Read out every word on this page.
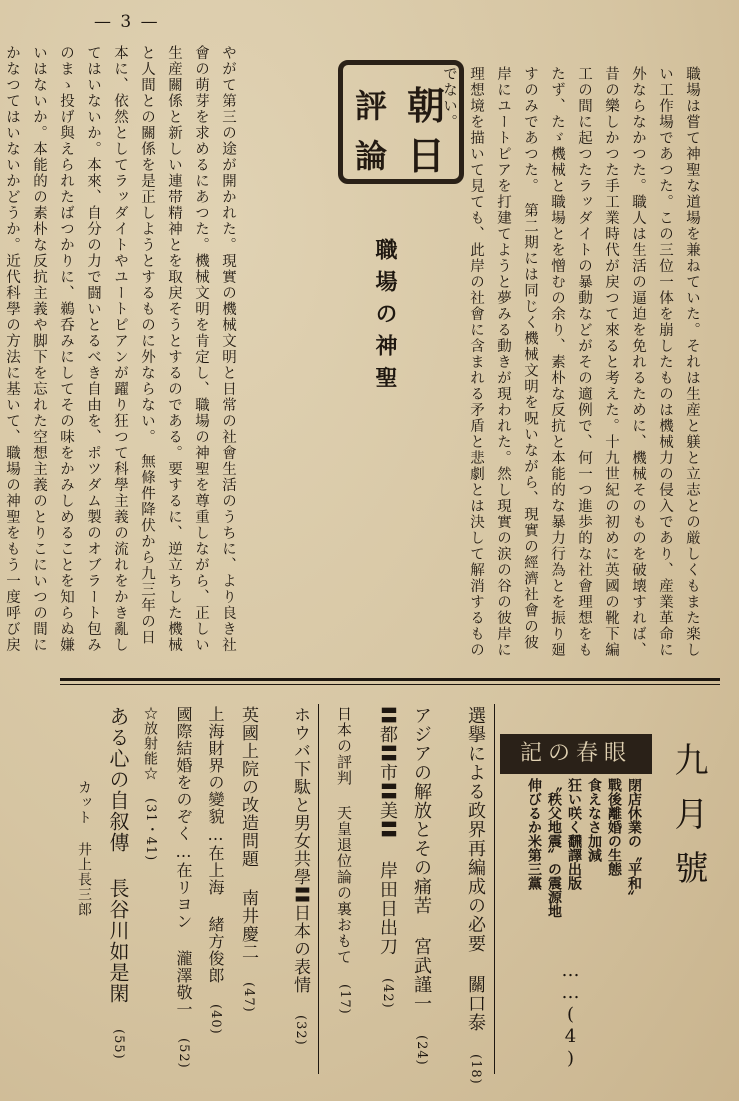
— 3 —
職場は嘗て神聖な道場を兼ねていた。それは生産と躾と立志との厳しくもまた楽しい工作場であつた。この三位一体を崩したものは機械力の侵入であり、産業革命に外ならなかつた。職人は生活の逼迫を免れるために、機械そのものを破壊すれば、昔の樂しかつた手工業時代が戻つて來ると考えた。十九世紀の初めに英國の靴下編工の間に起つたラッダイトの暴動などがその適例で、何一つ進歩的な社會理想をもたず、たゞ機械と職場とを憎むの余り、素朴な反抗と本能的な暴力行為とを振り廻すのみであつた。　第二期には同じく機械文明を呪いながら、現實の經濟社會の彼岸にユートピアを打建てようと夢みる動きが現われた。然し現實の涙の谷の彼岸に理想境を描いて見ても、此岸の社會に含まれる矛盾と悲劇とは決して解消するものでない。
朝
日
評
論
職場の神聖
やがて第三の途が開かれた。現實の機械文明と日常の社會生活のうちに、より良き社會の萌芽を求めるにあつた。機械文明を肯定し、職場の神聖を尊重しながら、正しい生産關係と新しい連帯精神とを取戻そうとするのである。要するに、逆立ちした機械と人間との關係を是正しようとするものに外ならない。　無條件降伏から九三年の日本に、依然としてラッダイトやユートピアンが躍り狂つて科學主義の流れをかき亂してはいないか。本來、自分の力で闘いとるべき自由を、ポツダム製のオブラート包みのまゝ投げ與えられたばつかりに、鵜呑みにしてその味をかみしめることを知らぬ嫌いはないか。本能的の素朴な反抗主義や脚下を忘れた空想主義のとりこにいつの間にかなつてはいないかどうか。近代科學の方法に基いて、職場の神聖をもう一度呼び戻 　
九月號
記の春眼
閉店休業の〝平和〟
戰後離婚の生態
食えなさ加減
狂い咲く飜譯出版
〝秩父地震〟の震源地
伸びるか米第三黨
……(4)
選擧による政界再編成の必要 關口泰 (18)
アジアの解放とその痛苦 宮武謹一 (24)
〓都〓市〓美〓 岸田日出刀 (42)
日本の評判 天皇退位論の裏おもて (17)
ホウバ下駄と男女共學〓日本の表情 (32)
英國上院の改造問題 南井慶二 (47)
上海財界の變貌…在上海 緒方俊郎 (40)
國際結婚をのぞく…在リヨン 瀧澤敬一 (52)
☆放射能☆ (31・41)
ある心の自叙傳 長谷川如是閑 (55)
カット 井上長三郎
